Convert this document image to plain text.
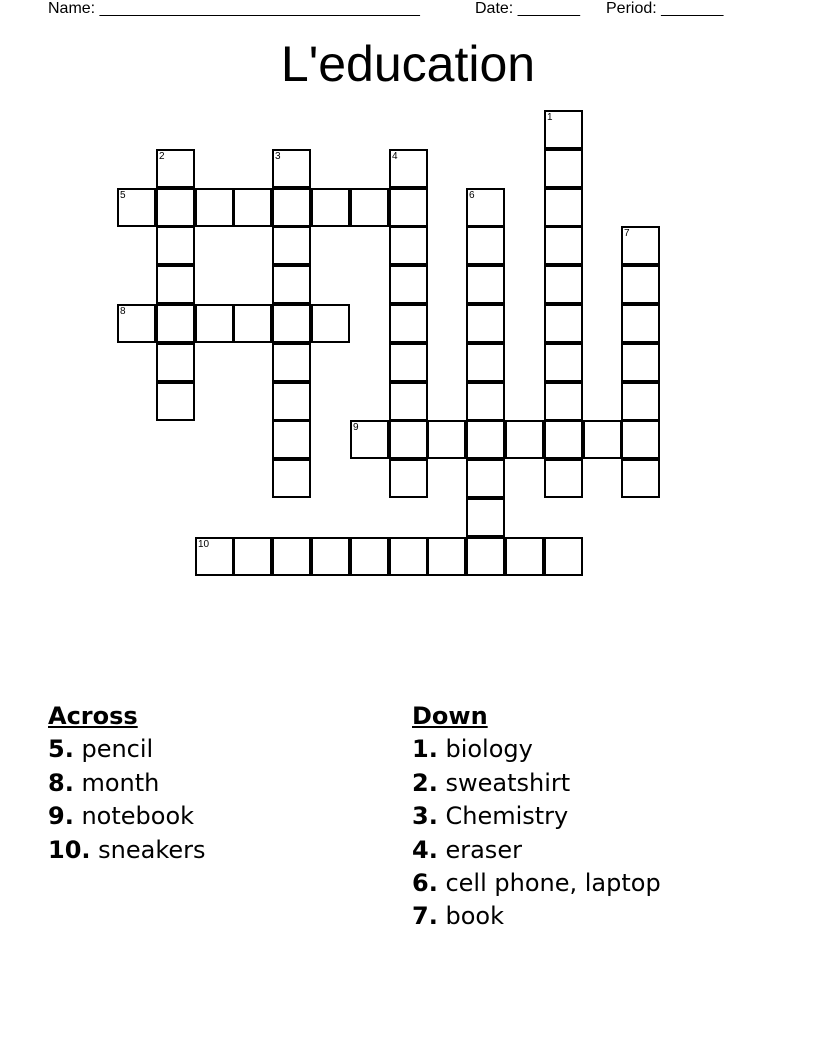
Name: ____________________________________	Date: _______ Period: _______
L'education
1
2	3	4
5	6
7
8
9
10
Across
5. pencil
8. month
9. notebook
10. sneakers
Down
1. biology
2. sweatshirt
3. Chemistry
4. eraser
6. cell phone, laptop
7. book
